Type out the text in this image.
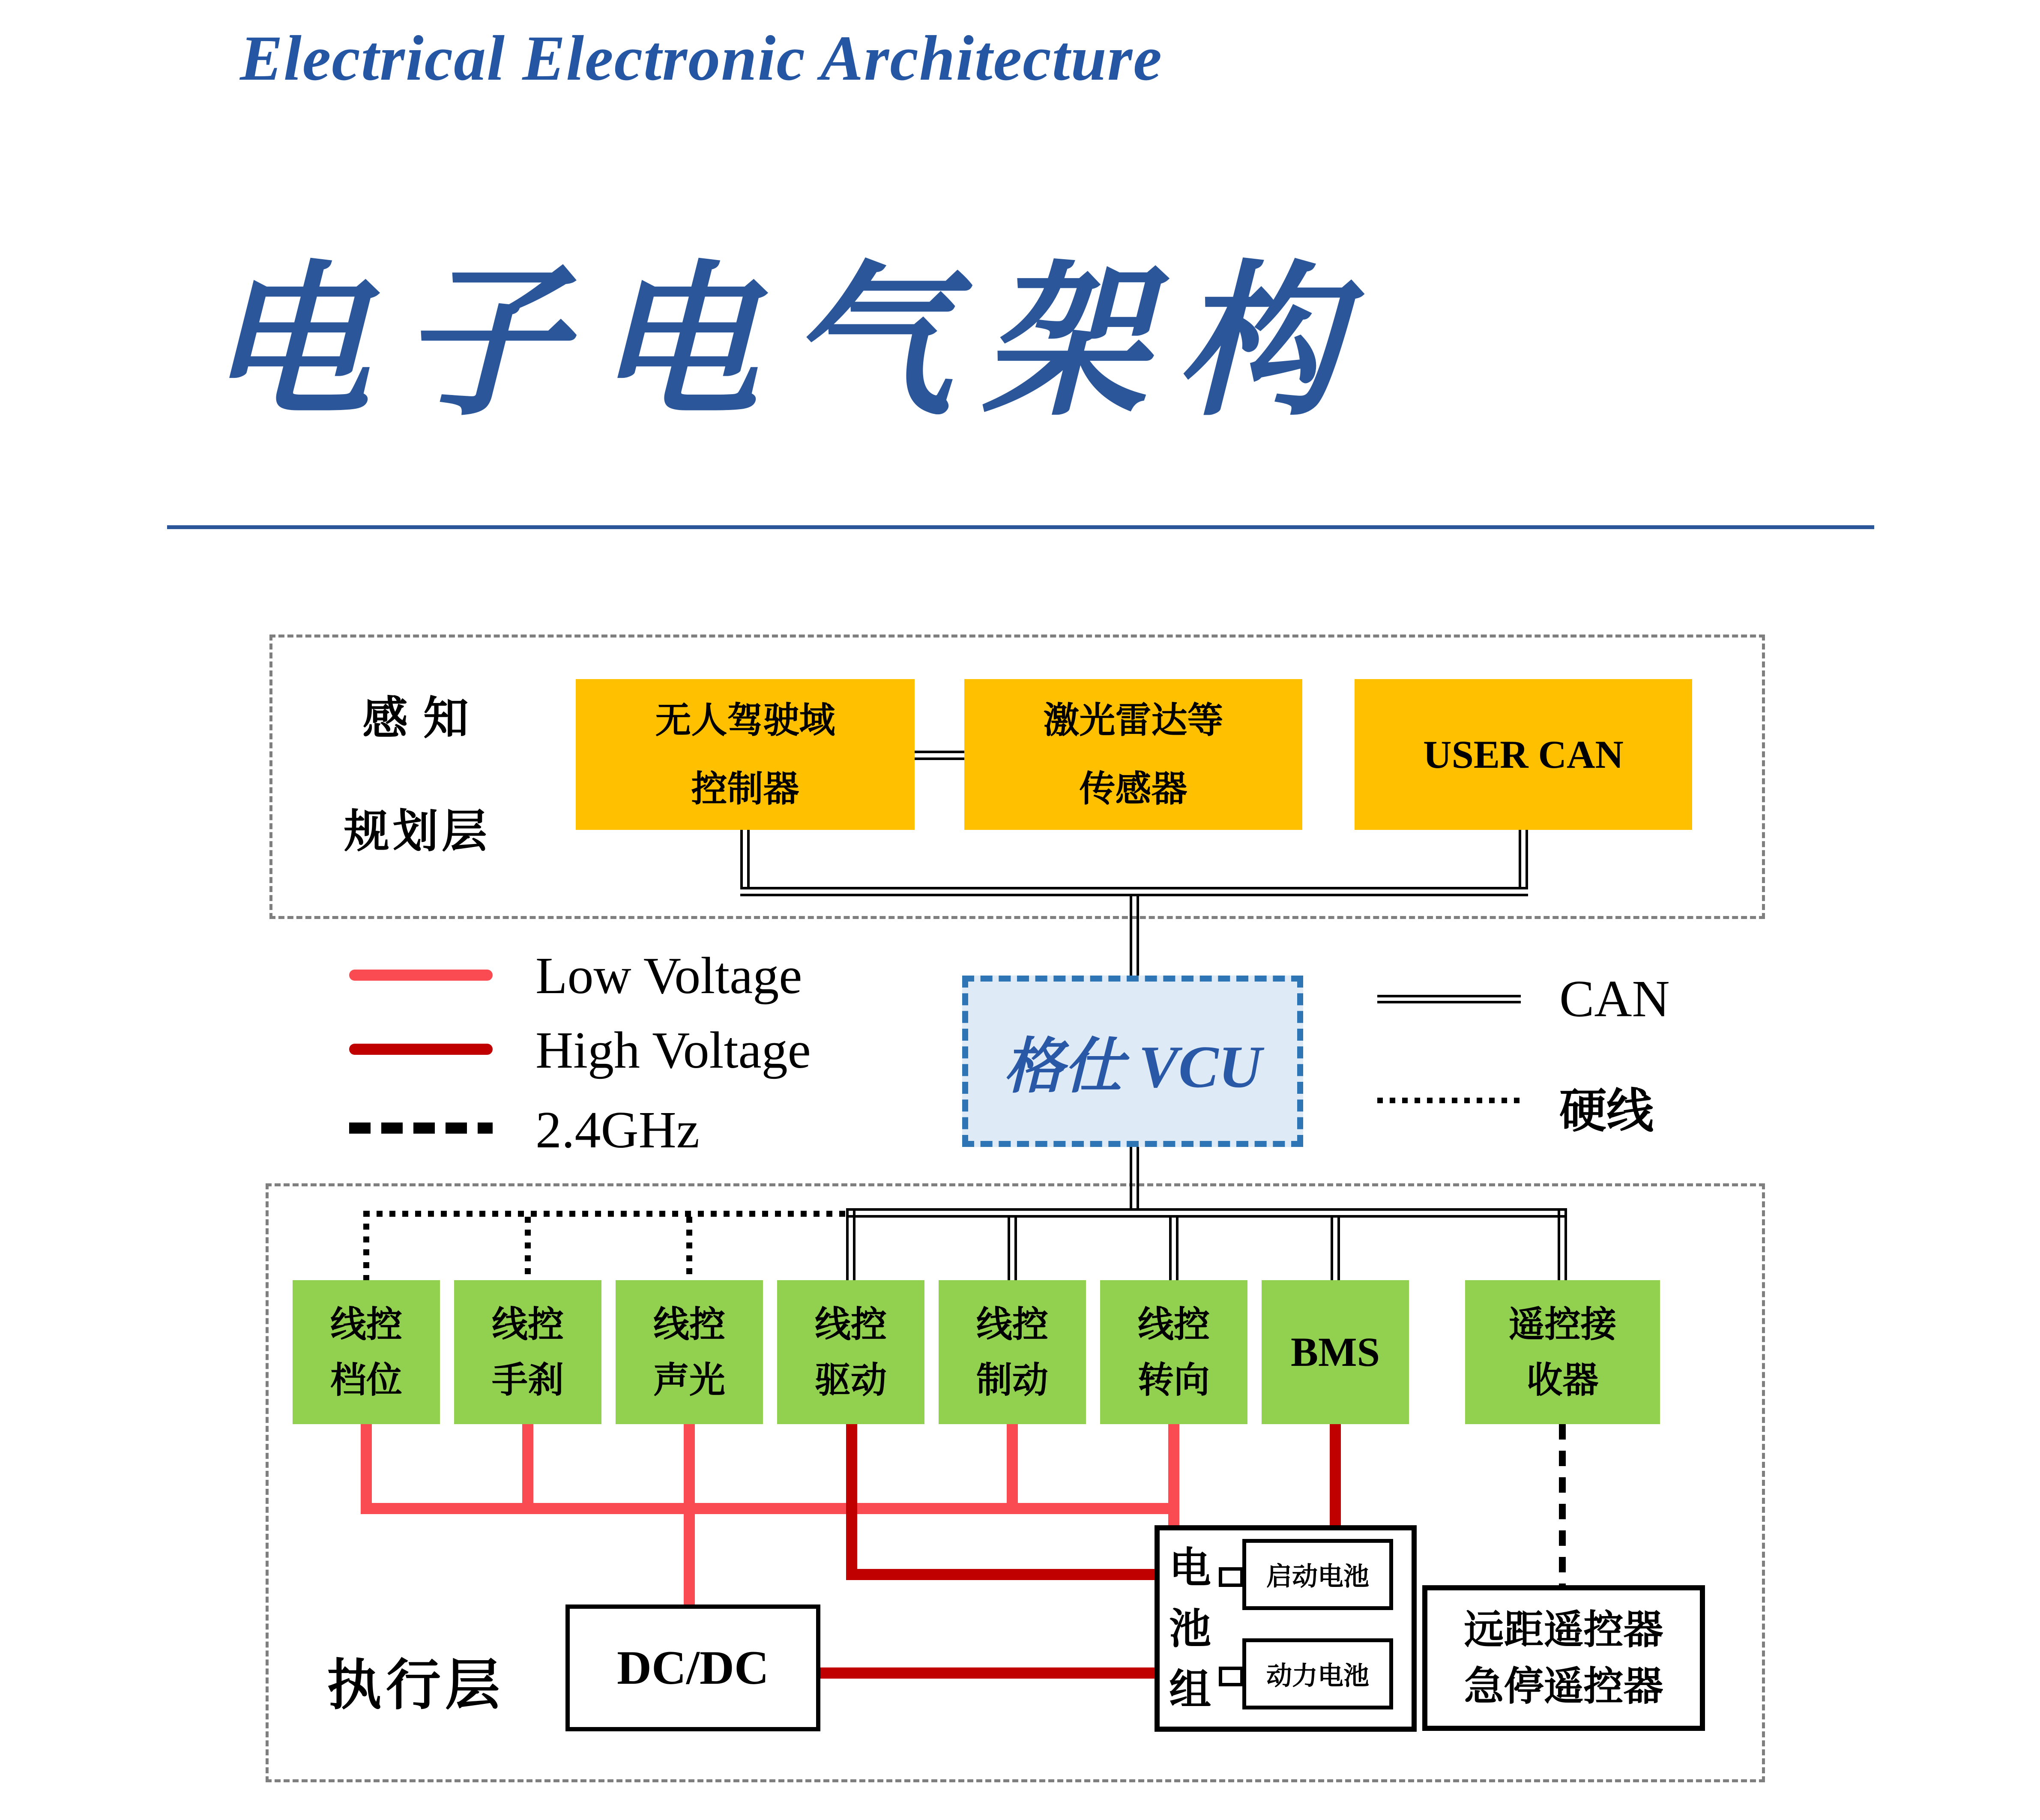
Electrical Electronic Architecture
电子电气架构
感知
规划层
无人驾驶域
控制器
激光雷达等
传感器
USER CAN
Low Voltage
High Voltage
2.4GHz
格仕 VCU
CAN
硬线
执行层
线控
档位
线控
手刹
线控
声光
线控
驱动
线控
制动
线控
转向
BMS
遥控接
收器
DC/DC
电
池
组
启动电池
动力电池
远距遥控器
急停遥控器
